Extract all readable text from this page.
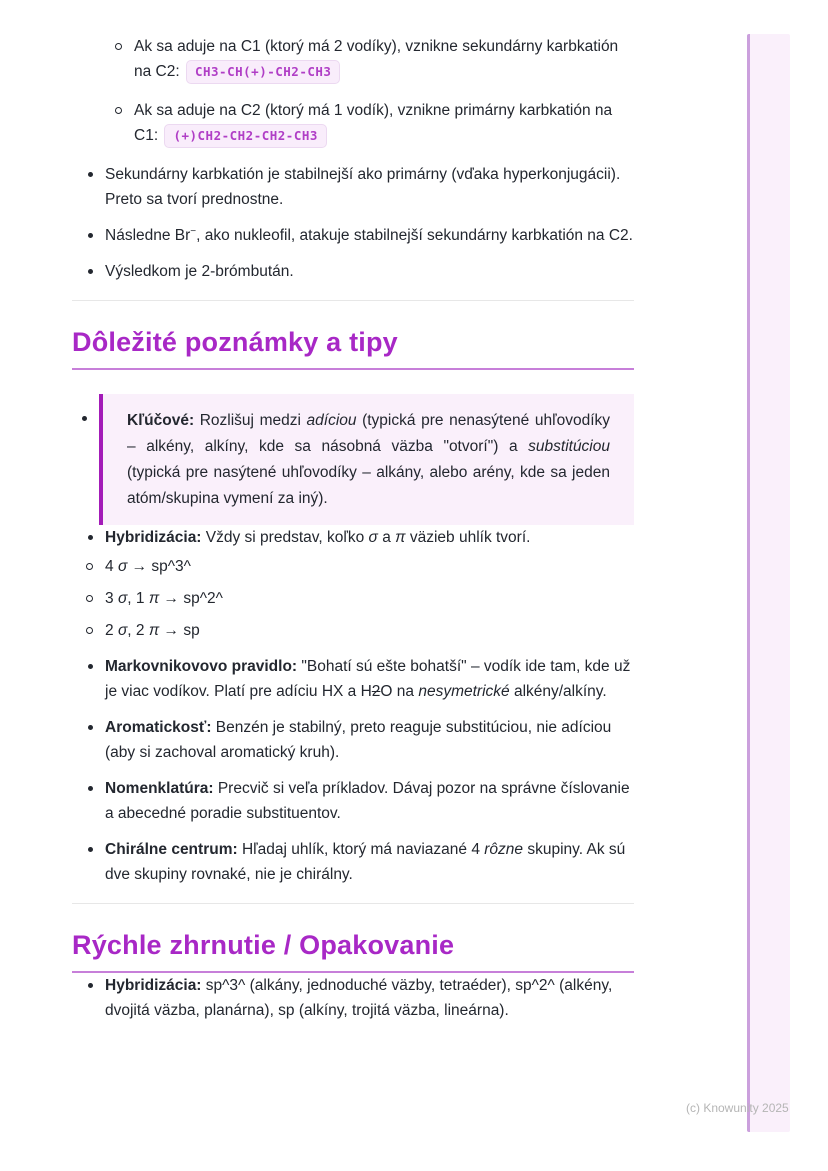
Ak sa aduje na C1 (ktorý má 2 vodíky), vznikne sekundárny karbkatión na C2: CH3-CH(+)-CH2-CH3
Ak sa aduje na C2 (ktorý má 1 vodík), vznikne primárny karbkatión na C1: (+)CH2-CH2-CH2-CH3
Sekundárny karbkatión je stabilnejší ako primárny (vďaka hyperkonjugácii). Preto sa tvorí prednostne.
Následne Br−, ako nukleofil, atakuje stabilnejší sekundárny karbkatión na C2.
Výsledkom je 2-brómbután.
Dôležité poznámky a tipy
Kľúčové: Rozlišuj medzi adíciou (typická pre nenasýtené uhľovodíky – alkény, alkíny, kde sa násobná väzba "otvorí") a substitúciou (typická pre nasýtené uhľovodíky – alkány, alebo arény, kde sa jeden atóm/skupina vymení za iný).
Hybridizácia: Vždy si predstav, koľko σ a π väzieb uhlík tvorí.
4 σ → sp^3^
3 σ, 1 π → sp^2^
2 σ, 2 π → sp
Markovnikovovo pravidlo: "Bohatí sú ešte bohatší" – vodík ide tam, kde už je viac vodíkov. Platí pre adíciu HX a H2O na nesymetrické alkény/alkíny.
Aromatickosť: Benzén je stabilný, preto reaguje substitúciou, nie adíciou (aby si zachoval aromatický kruh).
Nomenklatúra: Precvič si veľa príkladov. Dávaj pozor na správne číslovanie a abecedné poradie substituentov.
Chirálne centrum: Hľadaj uhlík, ktorý má naviazané 4 rôzne skupiny. Ak sú dve skupiny rovnaké, nie je chirálny.
Rýchle zhrnutie / Opakovanie
Hybridizácia: sp^3^ (alkány, jednoduché väzby, tetraéder), sp^2^ (alkény, dvojitá väzba, planárna), sp (alkíny, trojitá väzba, lineárna).
(c) Knowunity 2025
